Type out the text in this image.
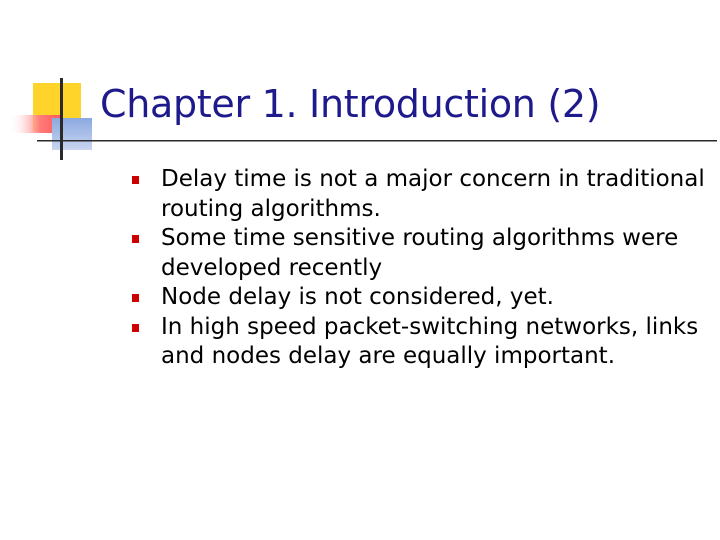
Chapter 1. Introduction (2)
Delay time is not a major concern in traditional routing algorithms.
Some time sensitive routing algorithms were developed recently
Node delay is not considered, yet.
In high speed packet-switching networks, links and nodes delay are equally important.
